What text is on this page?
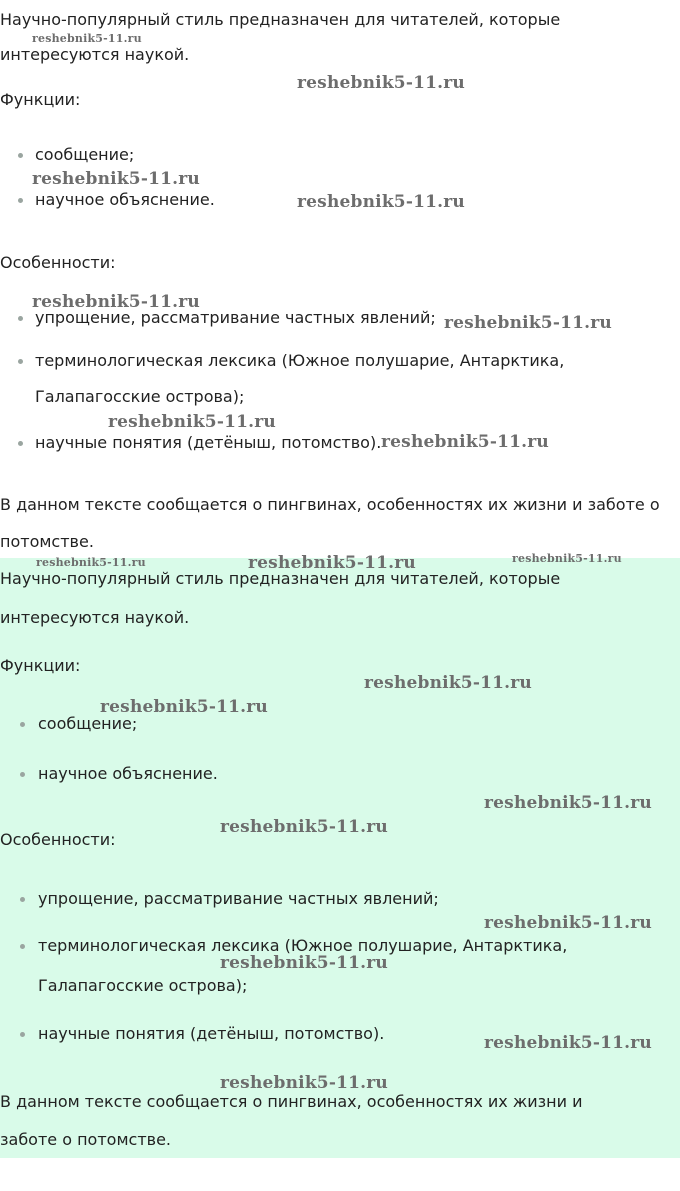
Научно-популярный стиль предназначен для читателей, которые
интересуются наукой.
Функции:
сообщение;
научное объяснение.
Особенности:
упрощение, рассматривание частных явлений;
терминологическая лексика (Южное полушарие, Антарктика,
Галапагосские острова);
научные понятия (детёныш, потомство).
В данном тексте сообщается о пингвинах, особенностях их жизни и заботе о
потомстве.
Научно-популярный стиль предназначен для читателей, которые
интересуются наукой.
Функции:
сообщение;
научное объяснение.
Особенности:
упрощение, рассматривание частных явлений;
терминологическая лексика (Южное полушарие, Антарктика,
Галапагосские острова);
научные понятия (детёныш, потомство).
В данном тексте сообщается о пингвинах, особенностях их жизни и
заботе о потомстве.
reshebnik5-11.ru
reshebnik5-11.ru
reshebnik5-11.ru
reshebnik5-11.ru
reshebnik5-11.ru
reshebnik5-11.ru
reshebnik5-11.ru
reshebnik5-11.ru
reshebnik5-11.ru	reshebnik5-11.ru	reshebnik5-11.ru
reshebnik5-11.ru
reshebnik5-11.ru
reshebnik5-11.ru
reshebnik5-11.ru
reshebnik5-11.ru
reshebnik5-11.ru
reshebnik5-11.ru
reshebnik5-11.ru
